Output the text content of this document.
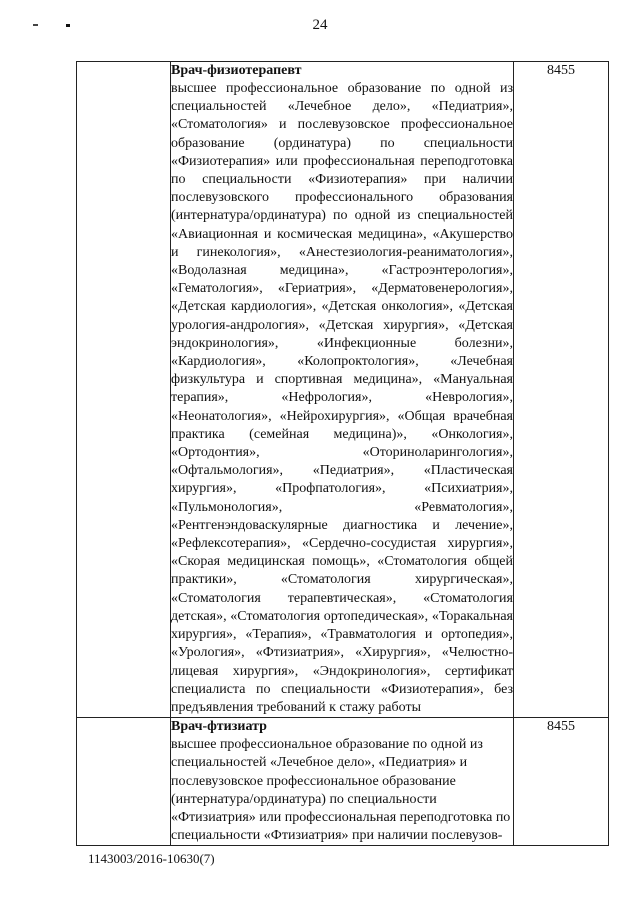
24

	Врач-физиотерапевт
высшее профессиональное образование по одной из специальностей «Лечебное дело», «Педиатрия», «Стоматология» и послевузовское профессиональное образование (ординатура) по специальности «Физиотерапия» или профессиональная переподготовка по специальности «Физиотерапия» при наличии послевузовского профессионального образования (интернатура/ординатура) по одной из специальностей «Авиационная и космическая медицина», «Акушерство и гинекология», «Анестезиология-реаниматология», «Водолазная медицина», «Гастроэнтерология», «Гематология», «Гериатрия», «Дерматовенерология», «Детская кардиология», «Детская онкология», «Детская урология-андрология», «Детская хирургия», «Детская эндокринология», «Инфекционные болезни», «Кардиология», «Колопроктология», «Лечебная физкультура и спортивная медицина», «Мануальная терапия», «Нефрология», «Неврология», «Неонатология», «Нейрохирургия», «Общая врачебная практика (семейная медицина)», «Онкология», «Ортодонтия», «Оториноларингология», «Офтальмология», «Педиатрия», «Пластическая хирургия», «Профпатология», «Психиатрия», «Пульмонология», «Ревматология», «Рентгенэндоваскулярные диагностика и лечение», «Рефлексотерапия», «Сердечно-сосудистая хирургия», «Скорая медицинская помощь», «Стоматология общей практики», «Стоматология хирургическая», «Стоматология терапевтическая», «Стоматология детская», «Стоматология ортопедическая», «Торакальная хирургия», «Терапия», «Травматология и ортопедия», «Урология», «Фтизиатрия», «Хирургия», «Челюстно-лицевая хирургия», «Эндокринология», сертификат специалиста по специальности «Физиотерапия», без предъявления требований к стажу работы	8455

	Врач-фтизиатр
высшее профессиональное образование по одной из специальностей «Лечебное дело», «Педиатрия» и послевузовское профессиональное образование (интернатура/ординатура) по специальности «Фтизиатрия» или профессиональная переподготовка по специальности «Фтизиатрия» при наличии послевузов-	8455
1143003/2016-10630(7)
